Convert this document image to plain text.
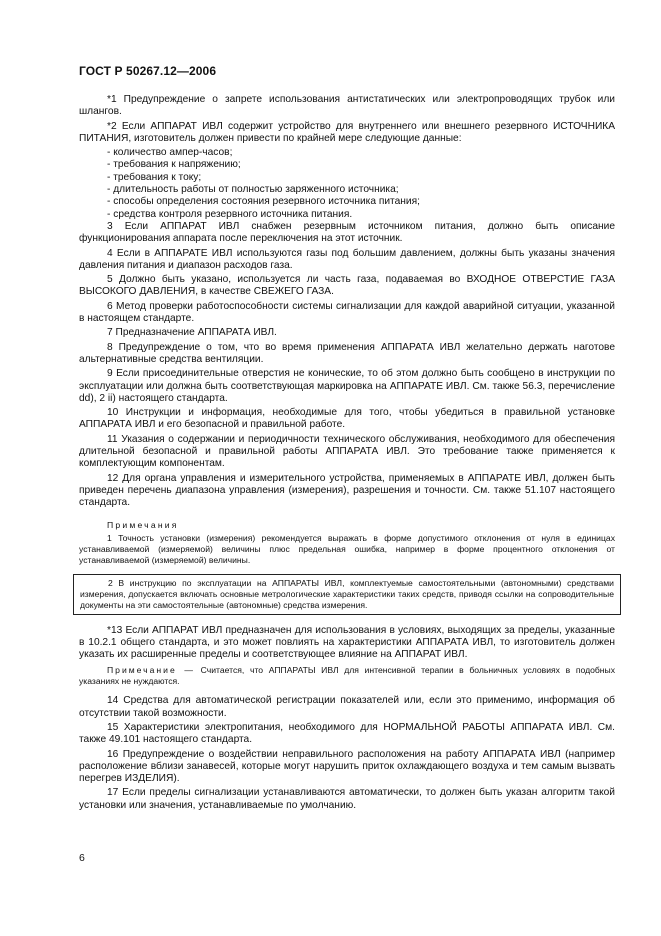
ГОСТ Р 50267.12—2006

*1 Предупреждение о запрете использования антистатических или электропроводящих трубок или шлангов.

*2 Если АППАРАТ ИВЛ содержит устройство для внутреннего или внешнего резервного ИСТОЧНИКА ПИТАНИЯ, изготовитель должен привести по крайней мере следующие данные:

- количество ампер-часов;

- требования к напряжению;

- требования к току;

- длительность работы от полностью заряженного источника;

- способы определения состояния резервного источника питания;

- средства контроля резервного источника питания.

3 Если АППАРАТ ИВЛ снабжен резервным источником питания, должно быть описание функционирования аппарата после переключения на этот источник.

4 Если в АППАРАТЕ ИВЛ используются газы под большим давлением, должны быть указаны значения давления питания и диапазон расходов газа.

5 Должно быть указано, используется ли часть газа, подаваемая во ВХОДНОЕ ОТВЕРСТИЕ ГАЗА ВЫСОКОГО ДАВЛЕНИЯ, в качестве СВЕЖЕГО ГАЗА.

6 Метод проверки работоспособности системы сигнализации для каждой аварийной ситуации, указанной в настоящем стандарте.

7 Предназначение АППАРАТА ИВЛ.

8 Предупреждение о том, что во время применения АППАРАТА ИВЛ желательно держать наготове альтернативные средства вентиляции.

9 Если присоединительные отверстия не конические, то об этом должно быть сообщено в инструкции по эксплуатации или должна быть соответствующая маркировка на АППАРАТЕ ИВЛ. См. также 56.3, перечисление dd), 2 ii) настоящего стандарта.

10 Инструкции и информация, необходимые для того, чтобы убедиться в правильной установке АППАРАТА ИВЛ и его безопасной и правильной работе.

11 Указания о содержании и периодичности технического обслуживания, необходимого для обеспечения длительной безопасной и правильной работы АППАРАТА ИВЛ. Это требование также применяется к комплектующим компонентам.

12 Для органа управления и измерительного устройства, применяемых в АППАРАТЕ ИВЛ, должен быть приведен перечень диапазона управления (измерения), разрешения и точности. См. также 51.107 настоящего стандарта.

Примечания

1 Точность установки (измерения) рекомендуется выражать в форме допустимого отклонения от нуля в единицах устанавливаемой (измеряемой) величины плюс предельная ошибка, например в форме процентного отклонения от устанавливаемой (измеряемой) величины.

2 В инструкцию по эксплуатации на АППАРАТЫ ИВЛ, комплектуемые самостоятельными (автономными) средствами измерения, допускается включать основные метрологические характеристики таких средств, приводя ссылки на сопроводительные документы на эти самостоятельные (автономные) средства измерения.

*13 Если АППАРАТ ИВЛ предназначен для использования в условиях, выходящих за пределы, указанные в 10.2.1 общего стандарта, и это может повлиять на характеристики АППАРАТА ИВЛ, то изготовитель должен указать их расширенные пределы и соответствующее влияние на АППАРАТ ИВЛ.

Примечание — Считается, что АППАРАТЫ ИВЛ для интенсивной терапии в больничных условиях в подобных указаниях не нуждаются.

14 Средства для автоматической регистрации показателей или, если это применимо, информация об отсутствии такой возможности.

15 Характеристики электропитания, необходимого для НОРМАЛЬНОЙ РАБОТЫ АППАРАТА ИВЛ. См. также 49.101 настоящего стандарта.

16 Предупреждение о воздействии неправильного расположения на работу АППАРАТА ИВЛ (например расположение вблизи занавесей, которые могут нарушить приток охлаждающего воздуха и тем самым вызвать перегрев ИЗДЕЛИЯ).

17 Если пределы сигнализации устанавливаются автоматически, то должен быть указан алгоритм такой установки или значения, устанавливаемые по умолчанию.

6
